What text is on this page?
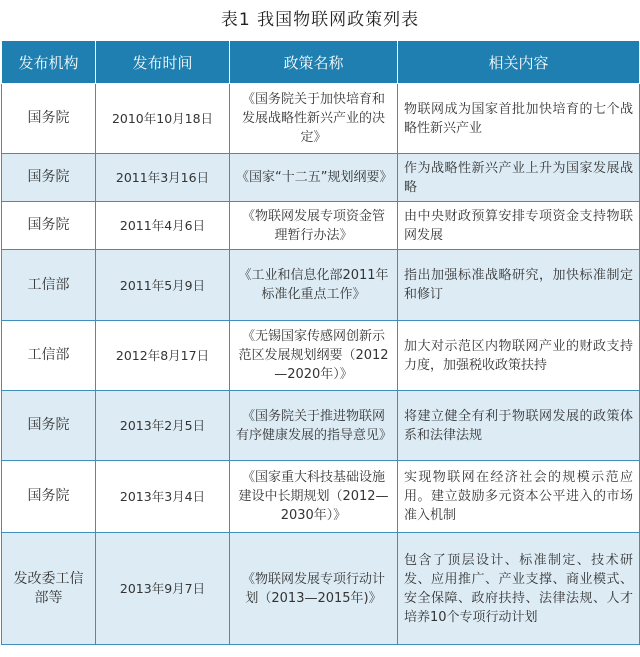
表1 我国物联网政策列表
发布机构	发布时间	政策名称	相关内容
国务院	2010年10月18日	《国务院关于加快培育和发展战略性新兴产业的决定》	物联网成为国家首批加快培育的七个战略性新兴产业
国务院	2011年3月16日	《国家“十二五”规划纲要》	作为战略性新兴产业上升为国家发展战略
国务院	2011年4月6日	《物联网发展专项资金管理暂行办法》	由中央财政预算安排专项资金支持物联网发展
工信部	2011年5月9日	《工业和信息化部2011年标准化重点工作》	指出加强标准战略研究，加快标准制定和修订
工信部	2012年8月17日	《无锡国家传感网创新示范区发展规划纲要（2012—2020年）》	加大对示范区内物联网产业的财政支持力度，加强税收政策扶持
国务院	2013年2月5日	《国务院关于推进物联网有序健康发展的指导意见》	将建立健全有利于物联网发展的政策体系和法律法规
国务院	2013年3月4日	《国家重大科技基础设施建设中长期规划（2012—2030年）》	实现物联网在经济社会的规模示范应用。建立鼓励多元资本公平进入的市场准入机制
发改委工信部等	2013年9月7日	《物联网发展专项行动计划（2013—2015年)》	包含了顶层设计、标准制定、技术研发、应用推广、产业支撑、商业模式、安全保障、政府扶持、法律法规、人才培养10个专项行动计划
